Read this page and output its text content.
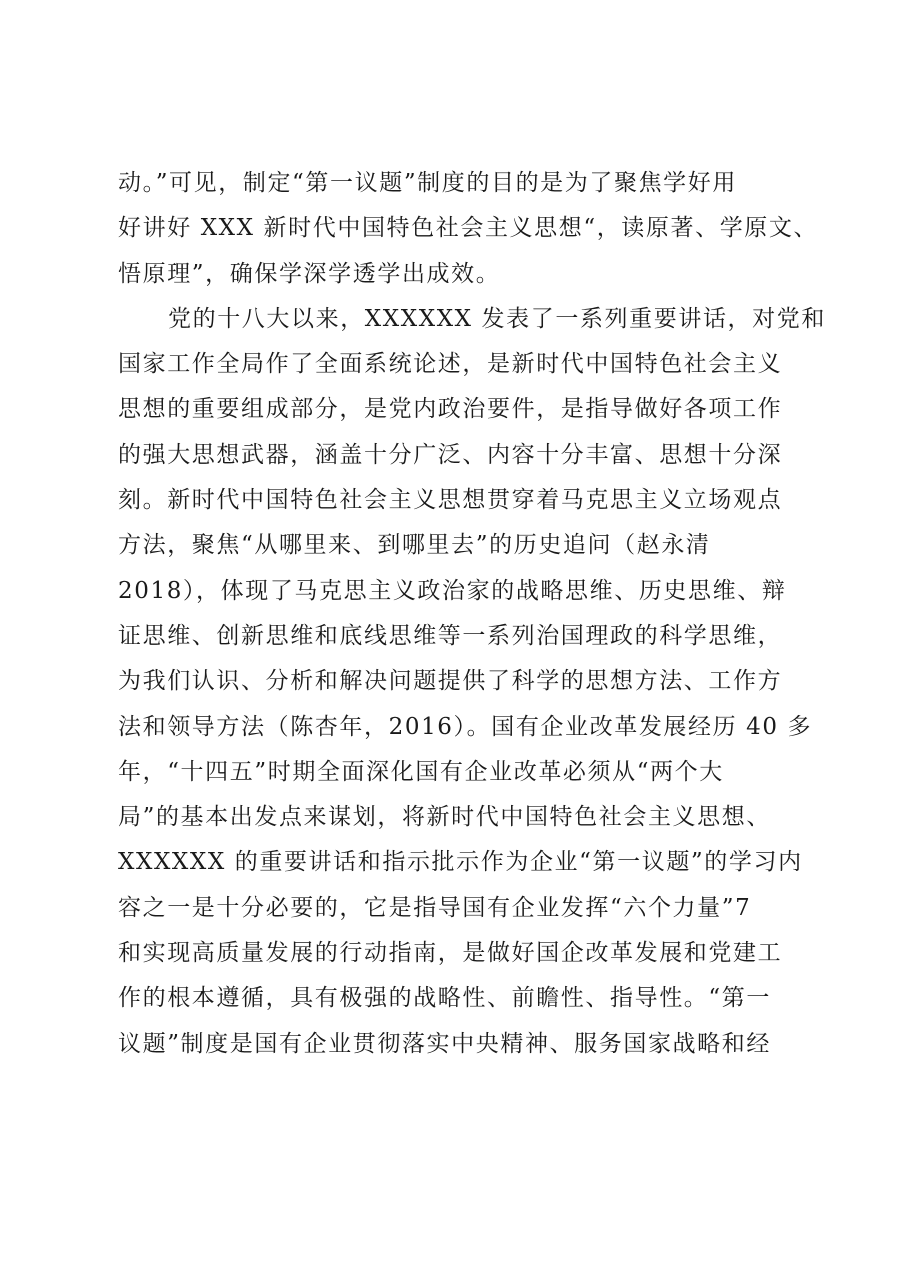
动。”可见，制定“第一议题”制度的目的是为了聚焦学好用
好讲好 XXX 新时代中国特色社会主义思想“，读原著、学原文、
悟原理”，确保学深学透学出成效。
党的十八大以来，XXXXXX 发表了一系列重要讲话，对党和
国家工作全局作了全面系统论述，是新时代中国特色社会主义
思想的重要组成部分，是党内政治要件，是指导做好各项工作
的强大思想武器，涵盖十分广泛、内容十分丰富、思想十分深
刻。新时代中国特色社会主义思想贯穿着马克思主义立场观点
方法，聚焦“从哪里来、到哪里去”的历史追问（赵永清
2018），体现了马克思主义政治家的战略思维、历史思维、辩
证思维、创新思维和底线思维等一系列治国理政的科学思维，
为我们认识、分析和解决问题提供了科学的思想方法、工作方
法和领导方法（陈杏年，2016）。国有企业改革发展经历 40 多
年，“十四五”时期全面深化国有企业改革必须从“两个大
局”的基本出发点来谋划，将新时代中国特色社会主义思想、
XXXXXX 的重要讲话和指示批示作为企业“第一议题”的学习内
容之一是十分必要的，它是指导国有企业发挥“六个力量”7
和实现高质量发展的行动指南，是做好国企改革发展和党建工
作的根本遵循，具有极强的战略性、前瞻性、指导性。“第一
议题”制度是国有企业贯彻落实中央精神、服务国家战略和经
